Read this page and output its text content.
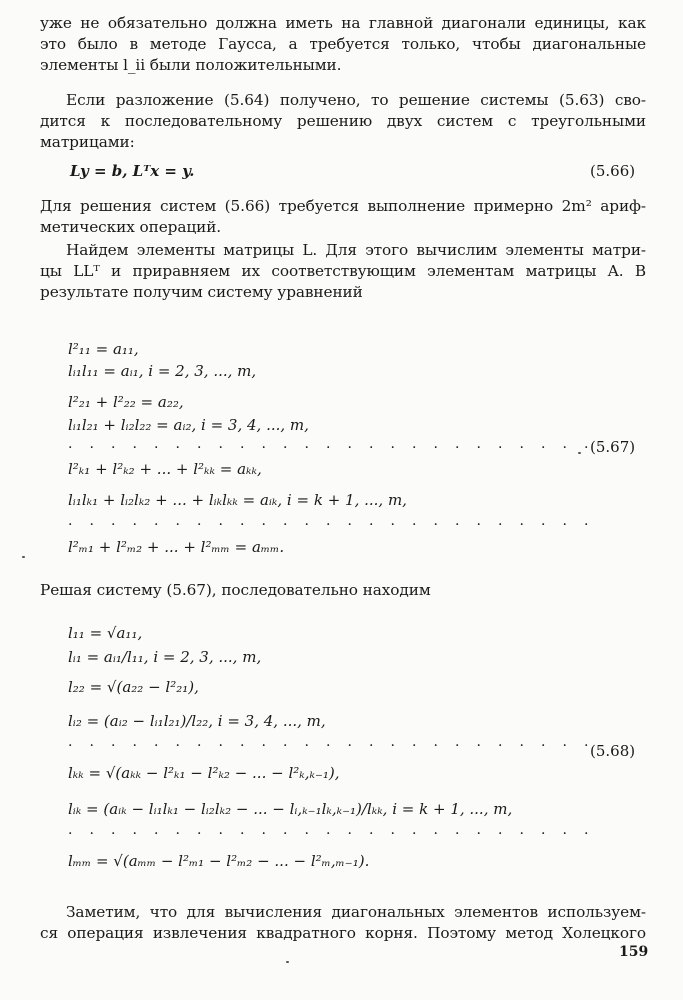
уже не обязательно должна иметь на главной диагонали единицы, как
это было в методе Гаусса, а требуется только, чтобы диагональные
элементы l_ii были положительными.
Если разложение (5.64) получено, то решение системы (5.63) сво-
дится к последовательному решению двух систем с треугольными
матрицами:
Ly = b, Lᵀx = y.	(5.66)
Для решения систем (5.66) требуется выполнение примерно 2m² ариф-
метических операций.
Найдем элементы матрицы L. Для этого вычислим элементы матри-
цы LLᵀ и приравняем их соответствующим элементам матрицы A. В
результате получим систему уравнений
l²₁₁ = a₁₁,
lᵢ₁l₁₁ = aᵢ₁, i = 2, 3, ..., m,
l²₂₁ + l²₂₂ = a₂₂,
lᵢ₁l₂₁ + lᵢ₂l₂₂ = aᵢ₂, i = 3, 4, ..., m,
. . . . . . . . . . . . . . . . . . . . . . . . .
l²ₖ₁ + l²ₖ₂ + ... + l²ₖₖ = aₖₖ,
lᵢ₁lₖ₁ + lᵢ₂lₖ₂ + ... + lᵢₖlₖₖ = aᵢₖ, i = k + 1, ..., m,
. . . . . . . . . . . . . . . . . . . . . . . . .
l²ₘ₁ + l²ₘ₂ + ... + l²ₘₘ = aₘₘ.
(5.67)
Решая систему (5.67), последовательно находим
l₁₁ = √a₁₁,
lᵢ₁ = aᵢ₁/l₁₁, i = 2, 3, ..., m,
l₂₂ = √(a₂₂ − l²₂₁),
lᵢ₂ = (aᵢ₂ − lᵢ₁l₂₁)/l₂₂, i = 3, 4, ..., m,
. . . . . . . . . . . . . . . . . . . . . . . . .
lₖₖ = √(aₖₖ − l²ₖ₁ − l²ₖ₂ − ... − l²ₖ,ₖ₋₁),
lᵢₖ = (aᵢₖ − lᵢ₁lₖ₁ − lᵢ₂lₖ₂ − ... − lᵢ,ₖ₋₁lₖ,ₖ₋₁)/lₖₖ, i = k + 1, ..., m,
. . . . . . . . . . . . . . . . . . . . . . . . .
lₘₘ = √(aₘₘ − l²ₘ₁ − l²ₘ₂ − ... − l²ₘ,ₘ₋₁).
(5.68)
Заметим, что для вычисления диагональных элементов используем-
ся операция извлечения квадратного корня. Поэтому метод Холецкого
159
